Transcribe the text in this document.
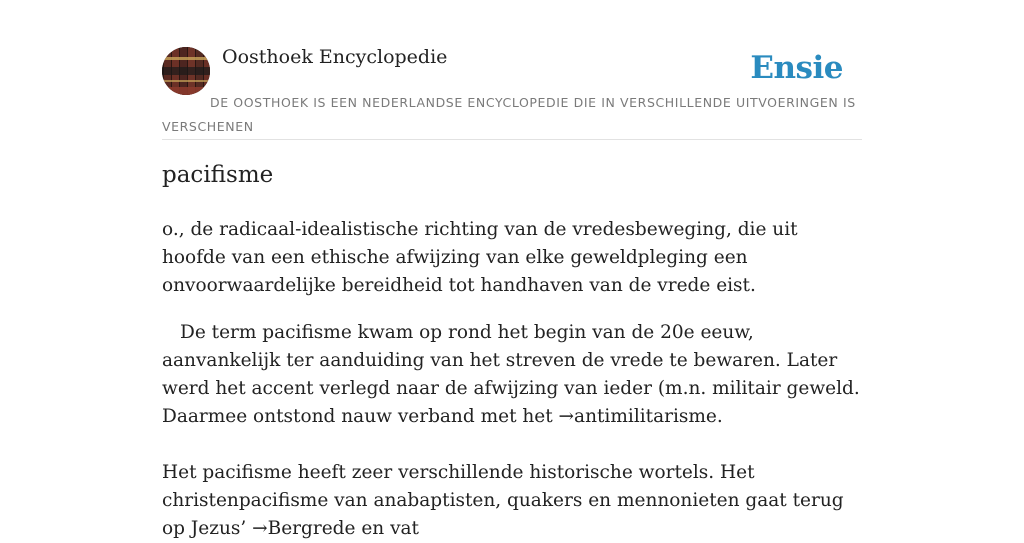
Oosthoek Encyclopedie	Ensie
DE OOSTHOEK IS EEN NEDERLANDSE ENCYCLOPEDIE DIE IN VERSCHILLENDE UITVOERINGEN IS VERSCHENEN
pacifisme

o., de radicaal-idealistische richting van de vredesbeweging, die uit hoofde van een ethische afwijzing van elke geweldpleging een onvoorwaardelijke bereidheid tot handhaven van de vrede eist.

De term pacifisme kwam op rond het begin van de 20e eeuw, aanvankelijk ter aanduiding van het streven de vrede te bewaren. Later werd het accent verlegd naar de afwijzing van ieder (m.n. militair geweld. Daarmee ontstond nauw verband met het →antimilitarisme.

Het pacifisme heeft zeer verschillende historische wortels. Het christenpacifisme van anabaptisten, quakers en mennonieten gaat terug op Jezus’ →Bergrede en vat
